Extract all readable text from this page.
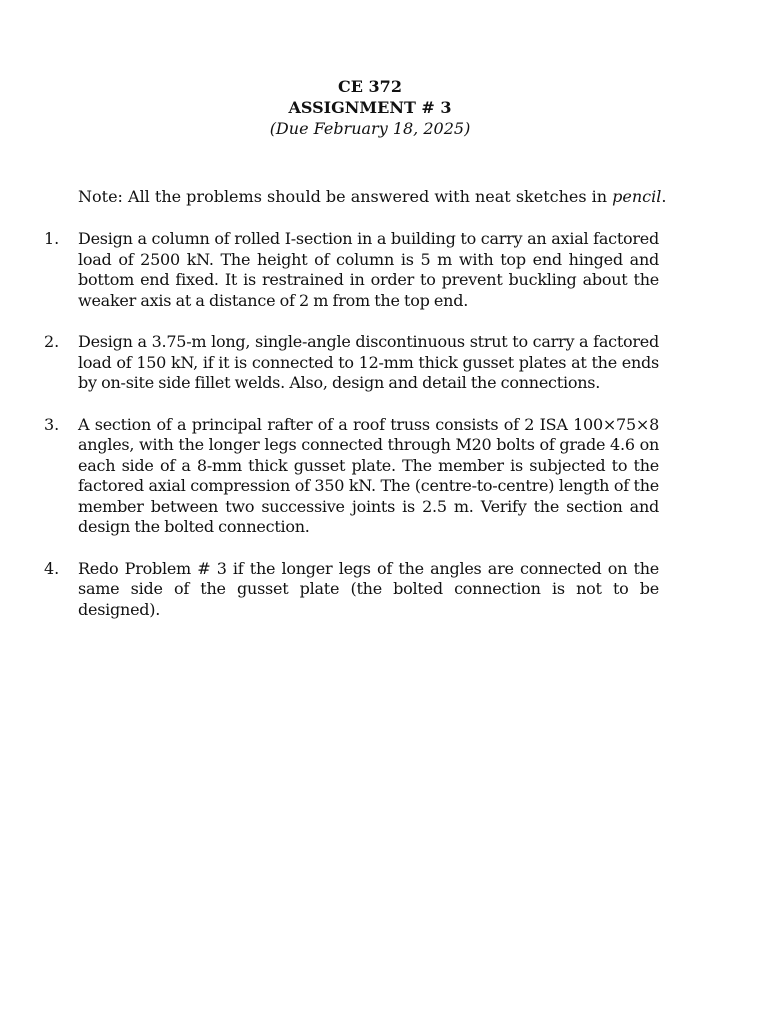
CE 372
ASSIGNMENT # 3
(Due February 18, 2025)
Note: All the problems should be answered with neat sketches in pencil.
1. Design a column of rolled I-section in a building to carry an axial factored load of 2500 kN. The height of column is 5 m with top end hinged and bottom end fixed. It is restrained in order to prevent buckling about the weaker axis at a distance of 2 m from the top end.
2. Design a 3.75-m long, single-angle discontinuous strut to carry a factored load of 150 kN, if it is connected to 12-mm thick gusset plates at the ends by on-site side fillet welds. Also, design and detail the connections.
3. A section of a principal rafter of a roof truss consists of 2 ISA 100×75×8 angles, with the longer legs connected through M20 bolts of grade 4.6 on each side of a 8-mm thick gusset plate. The member is subjected to the factored axial compression of 350 kN. The (centre-to-centre) length of the member between two successive joints is 2.5 m. Verify the section and design the bolted connection.
4. Redo Problem # 3 if the longer legs of the angles are connected on the same side of the gusset plate (the bolted connection is not to be designed).
